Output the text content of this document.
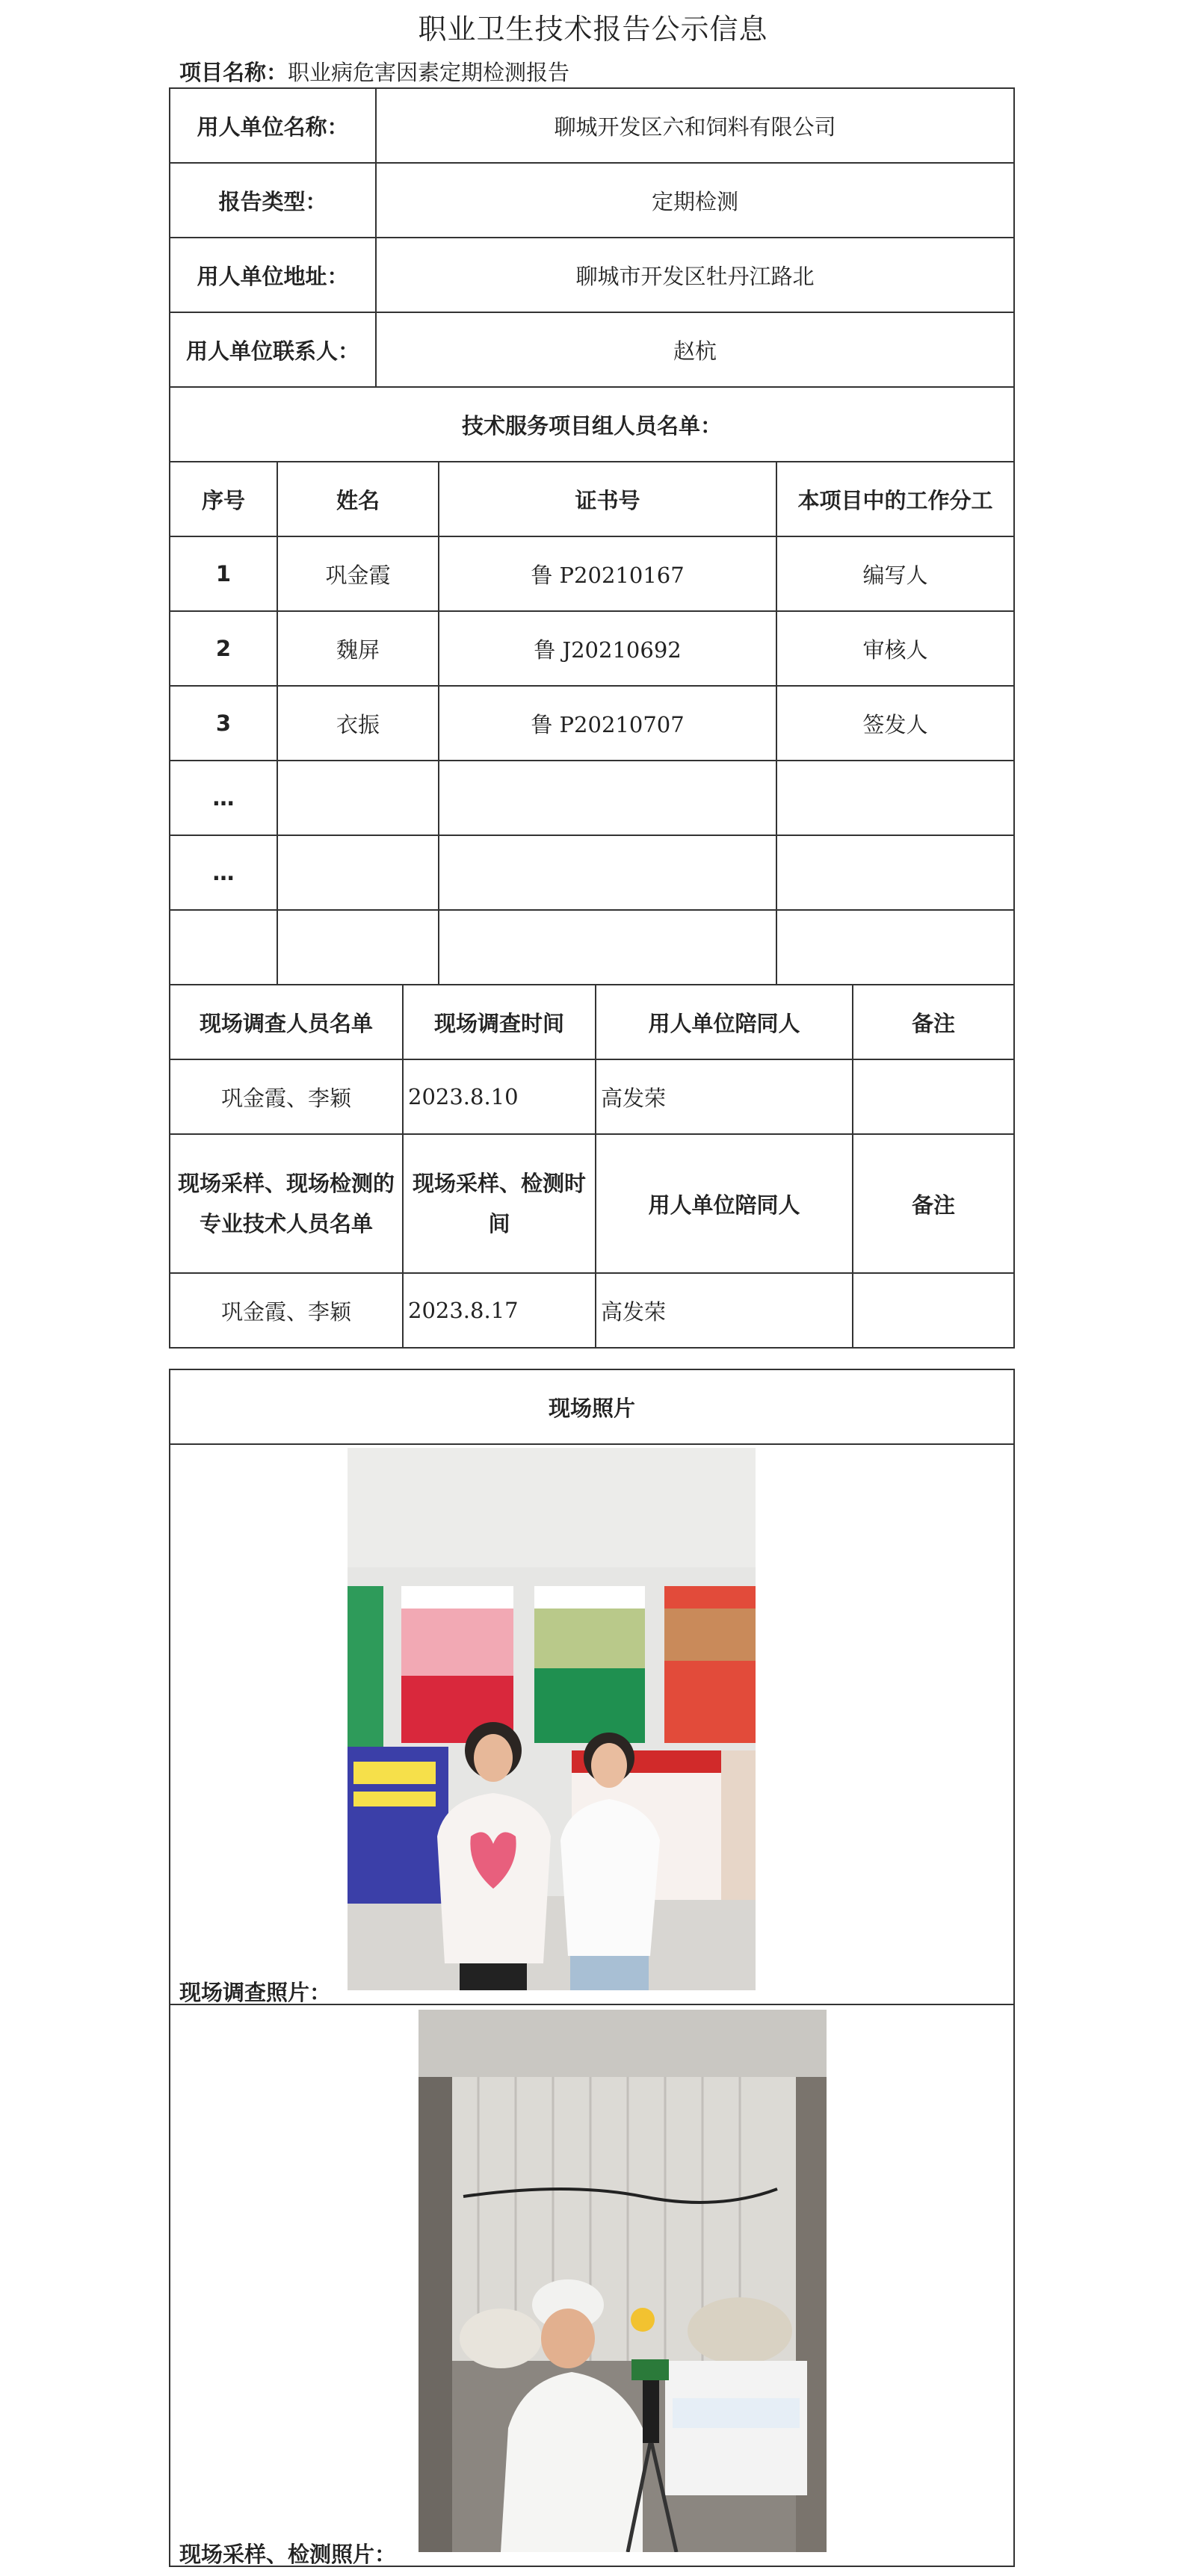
职业卫生技术报告公示信息
项目名称：职业病危害因素定期检测报告
用人单位名称：	聊城开发区六和饲料有限公司
报告类型：	定期检测
用人单位地址：	聊城市开发区牡丹江路北
用人单位联系人：	赵杭
技术服务项目组人员名单：			
序号	姓名	证书号	本项目中的工作分工
1	巩金霞	鲁 P20210167	编写人
2	魏屏	鲁 J20210692	审核人
3	衣振	鲁 P20210707	签发人
…			
…			

现场调查人员名单	现场调查时间	用人单位陪同人	备注
巩金霞、李颖	2023.8.10	高发荣	
现场采样、现场检测的专业技术人员名单	现场采样、检测时间	用人单位陪同人	备注
巩金霞、李颖	2023.8.17	高发荣	
现场照片

现场调查照片：
现场采样、检测照片：
